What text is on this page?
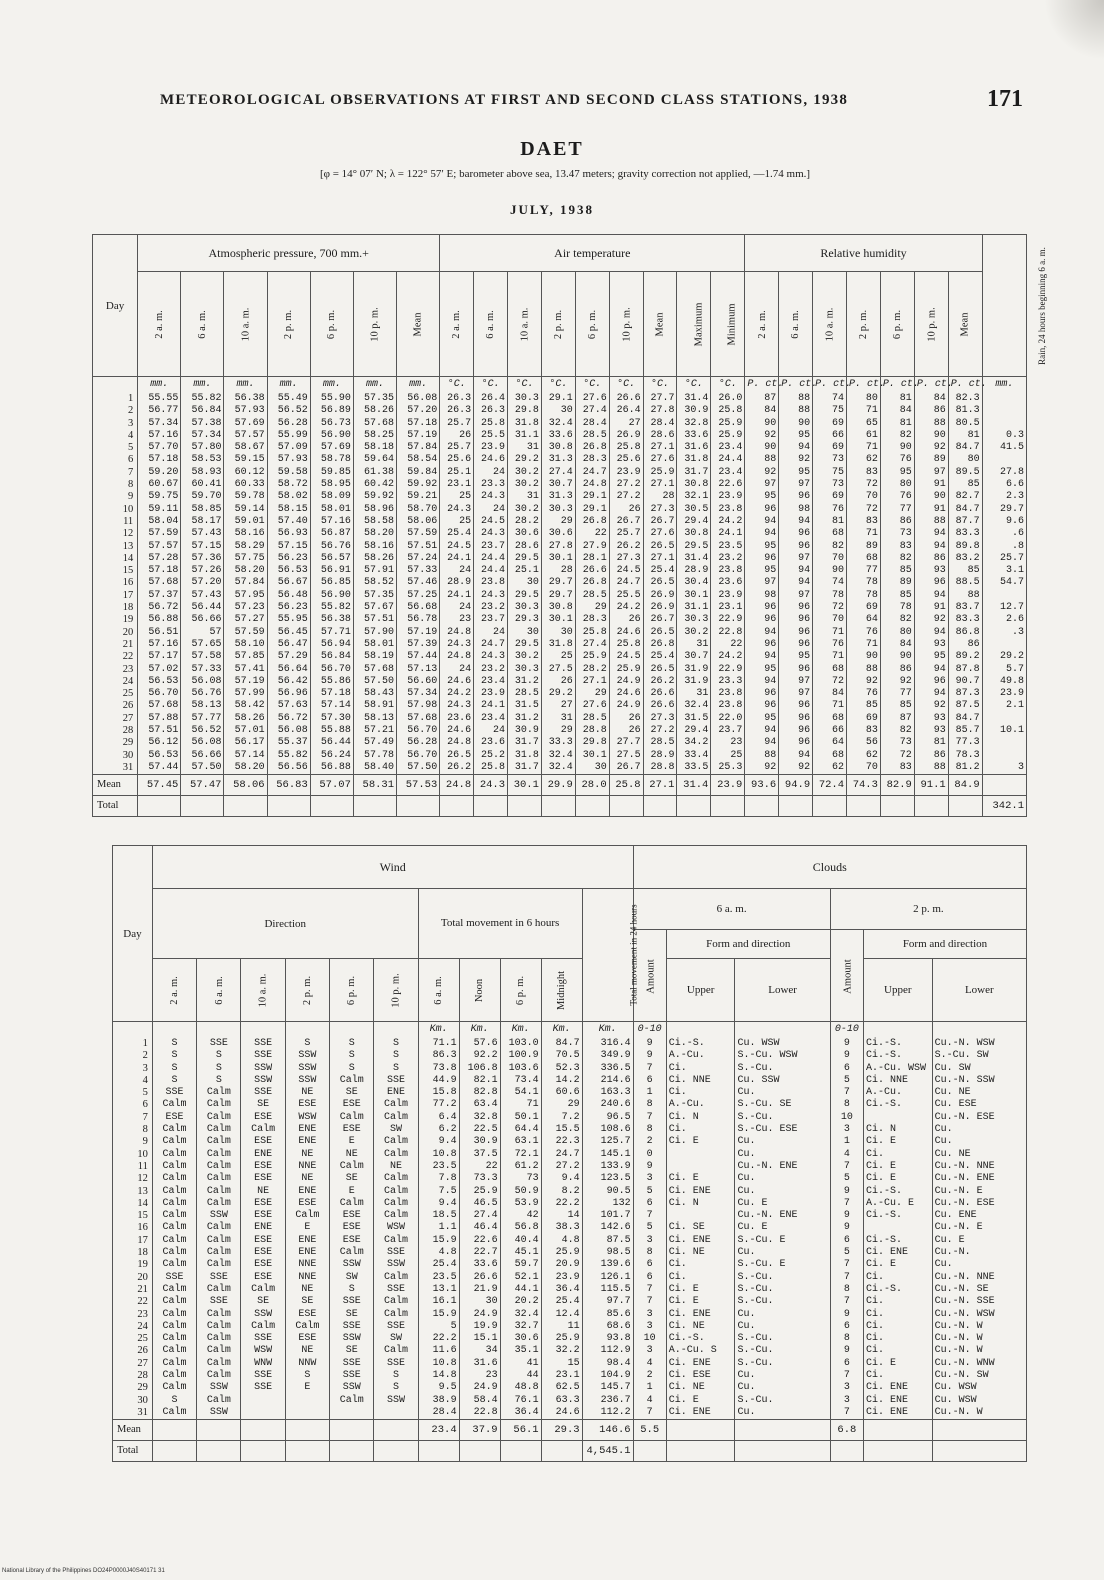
METEOROLOGICAL OBSERVATIONS AT FIRST AND SECOND CLASS STATIONS, 1938	171
DAET
[φ = 14° 07′ N; λ = 122° 57′ E; barometer above sea, 13.47 meters; gravity correction not applied, —1.74 mm.]
JULY, 1938
Day	Atmospheric pressure, 700 mm.+							Air temperature									Relative humidity							Rain, 24 hours beginning 6 a. m.
	2 a. m.	6 a. m.	10 a. m.	2 p. m.	6 p. m.	10 p. m.	Mean	2 a. m.	6 a. m.	10 a. m.	2 p. m.	6 p. m.	10 p. m.	Mean	Maximum	Minimum	2 a. m.	6 a. m.	10 a. m.	2 p. m.	6 p. m.	10 p. m.	Mean	
	mm.	mm.	mm.	mm.	mm.	mm.	mm.	°C.	°C.	°C.	°C.	°C.	°C.	°C.	°C.	°C.	P. ct.	P. ct.	P. ct.	P. ct.	P. ct.	P. ct.	P. ct.	mm.
1	55.55	55.82	56.38	55.49	55.90	57.35	56.08	26.3	26.4	30.3	29.1	27.6	26.6	27.7	31.4	26.0	87	88	74	80	81	84	82.3	
2	56.77	56.84	57.93	56.52	56.89	58.26	57.20	26.3	26.3	29.8	30	27.4	26.4	27.8	30.9	25.8	84	88	75	71	84	86	81.3	
3	57.34	57.38	57.69	56.28	56.73	57.68	57.18	25.7	25.8	31.8	32.4	28.4	27	28.4	32.8	25.9	90	90	69	65	81	88	80.5	
4	57.16	57.34	57.57	55.99	56.90	58.25	57.19	26	25.5	31.1	33.6	28.5	26.9	28.6	33.6	25.9	92	95	66	61	82	90	81	0.3
5	57.70	57.80	58.67	57.09	57.69	58.18	57.84	25.7	23.9	31	30.8	26.8	25.8	27.1	31.6	23.4	90	94	69	71	90	92	84.7	41.5
6	57.18	58.53	59.15	57.93	58.78	59.64	58.54	25.6	24.6	29.2	31.3	28.3	25.6	27.6	31.8	24.4	88	92	73	62	76	89	80	
7	59.20	58.93	60.12	59.58	59.85	61.38	59.84	25.1	24	30.2	27.4	24.7	23.9	25.9	31.7	23.4	92	95	75	83	95	97	89.5	27.8
8	60.67	60.41	60.33	58.72	58.95	60.42	59.92	23.1	23.3	30.2	30.7	24.8	27.2	27.1	30.8	22.6	97	97	73	72	80	91	85	6.6
9	59.75	59.70	59.78	58.02	58.09	59.92	59.21	25	24.3	31	31.3	29.1	27.2	28	32.1	23.9	95	96	69	70	76	90	82.7	2.3
10	59.11	58.85	59.14	58.15	58.01	58.96	58.70	24.3	24	30.2	30.3	29.1	26	27.3	30.5	23.8	96	98	76	72	77	91	84.7	29.7
11	58.04	58.17	59.01	57.40	57.16	58.58	58.06	25	24.5	28.2	29	26.8	26.7	26.7	29.4	24.2	94	94	81	83	86	88	87.7	9.6
12	57.59	57.43	58.16	56.93	56.87	58.20	57.59	25.4	24.3	30.6	30.6	22	25.7	27.6	30.8	24.1	94	96	68	71	73	94	83.3	.6
13	57.57	57.15	58.29	57.15	56.76	58.16	57.51	24.5	23.7	28.6	27.8	27.9	26.2	26.5	29.5	23.5	95	96	82	89	83	94	89.8	.8
14	57.28	57.36	57.75	56.23	56.57	58.26	57.24	24.1	24.4	29.5	30.1	28.1	27.3	27.1	31.4	23.2	96	97	70	68	82	86	83.2	25.7
15	57.18	57.26	58.20	56.53	56.91	57.91	57.33	24	24.4	25.1	28	26.6	24.5	25.4	28.9	23.8	95	94	90	77	85	93	85	3.1
16	57.68	57.20	57.84	56.67	56.85	58.52	57.46	28.9	23.8	30	29.7	26.8	24.7	26.5	30.4	23.6	97	94	74	78	89	96	88.5	54.7
17	57.37	57.43	57.95	56.48	56.90	57.35	57.25	24.1	24.3	29.5	29.7	28.5	25.5	26.9	30.1	23.9	98	97	78	78	85	94	88	
18	56.72	56.44	57.23	56.23	55.82	57.67	56.68	24	23.2	30.3	30.8	29	24.2	26.9	31.1	23.1	96	96	72	69	78	91	83.7	12.7
19	56.88	56.66	57.27	55.95	56.38	57.51	56.78	23	23.7	29.3	30.1	28.3	26	26.7	30.3	22.9	96	96	70	64	82	92	83.3	2.6
20	56.51	57	57.59	56.45	57.71	57.90	57.19	24.8	24	30	30	25.8	24.6	26.5	30.2	22.8	94	96	71	76	80	94	86.8	.3
21	57.16	57.65	58.10	56.47	56.94	58.01	57.39	24.3	24.7	29.5	31.8	27.4	25.8	26.8	31	22	96	96	76	71	84	93	86	
22	57.17	57.58	57.85	57.29	56.84	58.19	57.44	24.8	24.3	30.2	25	25.9	24.5	25.4	30.7	24.2	94	95	71	90	90	95	89.2	29.2
23	57.02	57.33	57.41	56.64	56.70	57.68	57.13	24	23.2	30.3	27.5	28.2	25.9	26.5	31.9	22.9	95	96	68	88	86	94	87.8	5.7
24	56.53	56.08	57.19	56.42	55.86	57.50	56.60	24.6	23.4	31.2	26	27.1	24.9	26.2	31.9	23.3	94	97	72	92	92	96	90.7	49.8
25	56.70	56.76	57.99	56.96	57.18	58.43	57.34	24.2	23.9	28.5	29.2	29	24.6	26.6	31	23.8	96	97	84	76	77	94	87.3	23.9
26	57.68	58.13	58.42	57.63	57.14	58.91	57.98	24.3	24.1	31.5	27	27.6	24.9	26.6	32.4	23.8	96	96	71	85	85	92	87.5	2.1
27	57.88	57.77	58.26	56.72	57.30	58.13	57.68	23.6	23.4	31.2	31	28.5	26	27.3	31.5	22.0	95	96	68	69	87	93	84.7	
28	57.51	56.52	57.01	56.08	55.88	57.21	56.70	24.6	24	30.9	29	28.8	26	27.2	29.4	23.7	94	96	66	83	82	93	85.7	10.1
29	56.12	56.08	56.17	55.37	56.44	57.49	56.28	24.8	23.6	31.7	33.3	29.8	27.7	28.5	34.2	23	94	96	64	56	73	81	77.3	
30	56.53	56.66	57.14	55.82	56.24	57.78	56.70	26.5	25.2	31.8	32.4	30.1	27.5	28.9	33.4	25	88	94	68	62	72	86	78.3	
31	57.44	57.50	58.20	56.56	56.88	58.40	57.50	26.2	25.8	31.7	32.4	30	26.7	28.8	33.5	25.3	92	92	62	70	83	88	81.2	3
Mean	57.45	57.47	58.06	56.83	57.07	58.31	57.53	24.8	24.3	30.1	29.9	28.0	25.8	27.1	31.4	23.9	93.6	94.9	72.4	74.3	82.9	91.1	84.9	
Total																								342.1
Day	Wind											Clouds					
	Direction						Total movement in 6 hours				Total movement in 24 hours	6 a. m.			2 p. m.		
												Amount	Form and direction		Amount	Form and direction	
	2 a. m.	6 a. m.	10 a. m.	2 p. m.	6 p. m.	10 p. m.	6 a. m.	Noon	6 p. m.	Midnight			Upper	Lower		Upper	Lower
							Km.	Km.	Km.	Km.	Km.	0-10			0-10		
1	S	SSE	SSE	S	S	S	71.1	57.6	103.0	84.7	316.4	9	Ci.-S.	Cu. WSW	9	Ci.-S.	Cu.-N. WSW
2	S	S	SSE	SSW	S	S	86.3	92.2	100.9	70.5	349.9	9	A.-Cu.	S.-Cu. WSW	9	Ci.-S.	S.-Cu. SW
3	S	S	SSW	SSW	S	S	73.8	106.8	103.6	52.3	336.5	7	Ci.	S.-Cu.	6	A.-Cu. WSW	Cu. SW
4	S	S	SSW	SSW	Calm	SSE	44.9	82.1	73.4	14.2	214.6	6	Ci. NNE	Cu. SSW	5	Ci. NNE	Cu.-N. SSW
5	SSE	Calm	SSE	NE	SE	ENE	15.8	82.8	54.1	60.6	163.3	1	Ci.	Cu.	7	A.-Cu.	Cu. NE
6	Calm	Calm	SE	ESE	ESE	Calm	77.2	63.4	71	29	240.6	8	A.-Cu.	S.-Cu. SE	8	Ci.-S.	Cu. ESE
7	ESE	Calm	ESE	WSW	Calm	Calm	6.4	32.8	50.1	7.2	96.5	7	Ci. N	S.-Cu.	10		Cu.-N. ESE
8	Calm	Calm	Calm	ENE	ESE	SW	6.2	22.5	64.4	15.5	108.6	8	Ci.	S.-Cu. ESE	3	Ci. N	Cu.
9	Calm	Calm	ESE	ENE	E	Calm	9.4	30.9	63.1	22.3	125.7	2	Ci. E	Cu.	1	Ci. E	Cu.
10	Calm	Calm	ENE	NE	NE	Calm	10.8	37.5	72.1	24.7	145.1	0		Cu.	4	Ci.	Cu. NE
11	Calm	Calm	ESE	NNE	Calm	NE	23.5	22	61.2	27.2	133.9	9		Cu.-N. ENE	7	Ci. E	Cu.-N. NNE
12	Calm	Calm	ESE	NE	SE	Calm	7.8	73.3	73	9.4	123.5	3	Ci. E	Cu.	5	Ci. E	Cu.-N. ENE
13	Calm	Calm	NE	ENE	E	Calm	7.5	25.9	50.9	8.2	90.5	5	Ci. ENE	Cu.	9	Ci.-S.	Cu.-N. E
14	Calm	Calm	ESE	ESE	Calm	Calm	9.4	46.5	53.9	22.2	132	6	Ci. N	Cu. E	7	A.-Cu. E	Cu.-N. ESE
15	Calm	SSW	ESE	Calm	ESE	Calm	18.5	27.4	42	14	101.7	7		Cu.-N. ENE	9	Ci.-S.	Cu. ENE
16	Calm	Calm	ENE	E	ESE	WSW	1.1	46.4	56.8	38.3	142.6	5	Ci. SE	Cu. E	9		Cu.-N. E
17	Calm	Calm	ESE	ENE	ESE	Calm	15.9	22.6	40.4	4.8	87.5	3	Ci. ENE	S.-Cu. E	6	Ci.-S.	Cu. E
18	Calm	Calm	ESE	ENE	Calm	SSE	4.8	22.7	45.1	25.9	98.5	8	Ci. NE	Cu.	5	Ci. ENE	Cu.-N.
19	Calm	Calm	ESE	NNE	SSW	SSW	25.4	33.6	59.7	20.9	139.6	6	Ci.	S.-Cu. E	7	Ci. E	Cu.
20	SSE	SSE	ESE	NNE	SW	Calm	23.5	26.6	52.1	23.9	126.1	6	Ci.	S.-Cu.	7	Ci.	Cu.-N. NNE
21	Calm	Calm	Calm	NE	S	SSE	13.1	21.9	44.1	36.4	115.5	7	Ci. E	S.-Cu.	8	Ci.-S.	Cu.-N. SE
22	Calm	SSE	SE	SE	SSE	Calm	16.1	30	20.2	25.4	97.7	7	Ci. E	S.-Cu.	7	Ci.	Cu.-N. SSE
23	Calm	Calm	SSW	ESE	SE	Calm	15.9	24.9	32.4	12.4	85.6	3	Ci. ENE	Cu.	9	Ci.	Cu.-N. WSW
24	Calm	Calm	Calm	Calm	SSE	SSE	5	19.9	32.7	11	68.6	3	Ci. NE	Cu.	6	Ci.	Cu.-N. W
25	Calm	Calm	SSE	ESE	SSW	SW	22.2	15.1	30.6	25.9	93.8	10	Ci.-S.	S.-Cu.	8	Ci.	Cu.-N. W
26	Calm	Calm	WSW	NE	SE	Calm	11.6	34	35.1	32.2	112.9	3	A.-Cu. S	S.-Cu.	9	Ci.	Cu.-N. W
27	Calm	Calm	WNW	NNW	SSE	SSE	10.8	31.6	41	15	98.4	4	Ci. ENE	S.-Cu.	6	Ci. E	Cu.-N. WNW
28	Calm	Calm	SSE	S	SSE	S	14.8	23	44	23.1	104.9	2	Ci. ESE	Cu.	7	Ci.	Cu.-N. SW
29	Calm	SSW	SSE	E	SSW	S	9.5	24.9	48.8	62.5	145.7	1	Ci. NE	Cu.	3	Ci. ENE	Cu. WSW
30	S	Calm			Calm	SSW	38.9	58.4	76.1	63.3	236.7	4	Ci. E	S.-Cu.	3	Ci. ENE	Cu. WSW
31	Calm	SSW					28.4	22.8	36.4	24.6	112.2	7	Ci. ENE	Cu.	7	Ci. ENE	Cu.-N. W
Mean							23.4	37.9	56.1	29.3	146.6	5.5			6.8		
Total											4,545.1						
National Library of the Philippines DO24P0000J40S40171 31
